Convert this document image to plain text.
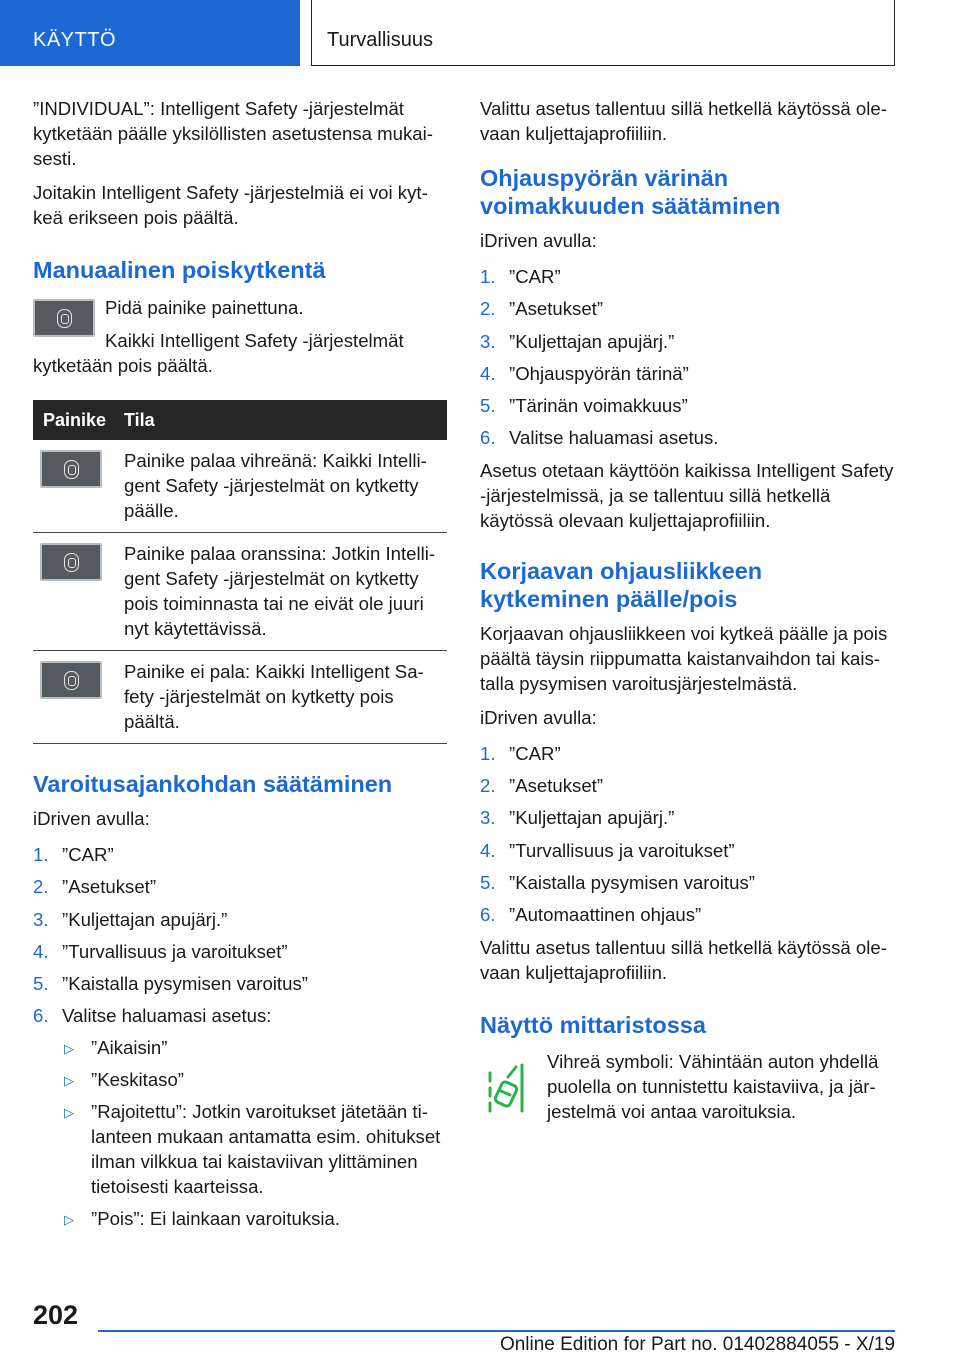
KÄYTTÖ	Turvallisuus

”INDIVIDUAL”: Intelligent Safety -järjestelmät kytketään päälle yksilöllisten asetustensa mukaisesti.

Joitakin Intelligent Safety -järjestelmiä ei voi kytkeä erikseen pois päältä.

Manuaalinen poiskytkentä

Pidä painike painettuna.

Kaikki Intelligent Safety -järjestelmät kytketään pois päältä.

Painike	Tila

	Painike palaa vihreänä: Kaikki Intelligent Safety -järjestelmät on kytketty päälle.

	Painike palaa oranssina: Jotkin Intelligent Safety -järjestelmät on kytketty pois toiminnasta tai ne eivät ole juuri nyt käytettävissä.

	Painike ei pala: Kaikki Intelligent Safety -järjestelmät on kytketty pois päältä.
Varoitusajankohdan säätäminen

iDriven avulla:

1. ”CAR”
2. ”Asetukset”
3. ”Kuljettajan apujärj.”
4. ”Turvallisuus ja varoitukset”
5. ”Kaistalla pysymisen varoitus”
6. Valitse haluamasi asetus:
▷ ”Aikaisin”
▷ ”Keskitaso”
▷ ”Rajoitettu”: Jotkin varoitukset jätetään tilanteen mukaan antamatta esim. ohitukset ilman vilkkua tai kaistaviivan ylittäminen tietoisesti kaarteissa.
▷ ”Pois”: Ei lainkaan varoituksia.

Valittu asetus tallentuu sillä hetkellä käytössä olevaan kuljettajaprofiiliin.

Ohjauspyörän värinän voimakkuuden säätäminen

iDriven avulla:

1. ”CAR”
2. ”Asetukset”
3. ”Kuljettajan apujärj.”
4. ”Ohjauspyörän tärinä”
5. ”Tärinän voimakkuus”
6. Valitse haluamasi asetus.

Asetus otetaan käyttöön kaikissa Intelligent Safety -järjestelmissä, ja se tallentuu sillä hetkellä käytössä olevaan kuljettajaprofiiliin.

Korjaavan ohjausliikkeen kytkeminen päälle/pois

Korjaavan ohjausliikkeen voi kytkeä päälle ja pois päältä täysin riippumatta kaistanvaihdon tai kaistalla pysymisen varoitusjärjestelmästä.

iDriven avulla:

1. ”CAR”
2. ”Asetukset”
3. ”Kuljettajan apujärj.”
4. ”Turvallisuus ja varoitukset”
5. ”Kaistalla pysymisen varoitus”
6. ”Automaattinen ohjaus”

Valittu asetus tallentuu sillä hetkellä käytössä olevaan kuljettajaprofiiliin.

Näyttö mittaristossa

Vihreä symboli: Vähintään auton yhdellä puolella on tunnistettu kaistaviiva, ja järjestelmä voi antaa varoituksia.

202
Online Edition for Part no. 01402884055 - X/19
